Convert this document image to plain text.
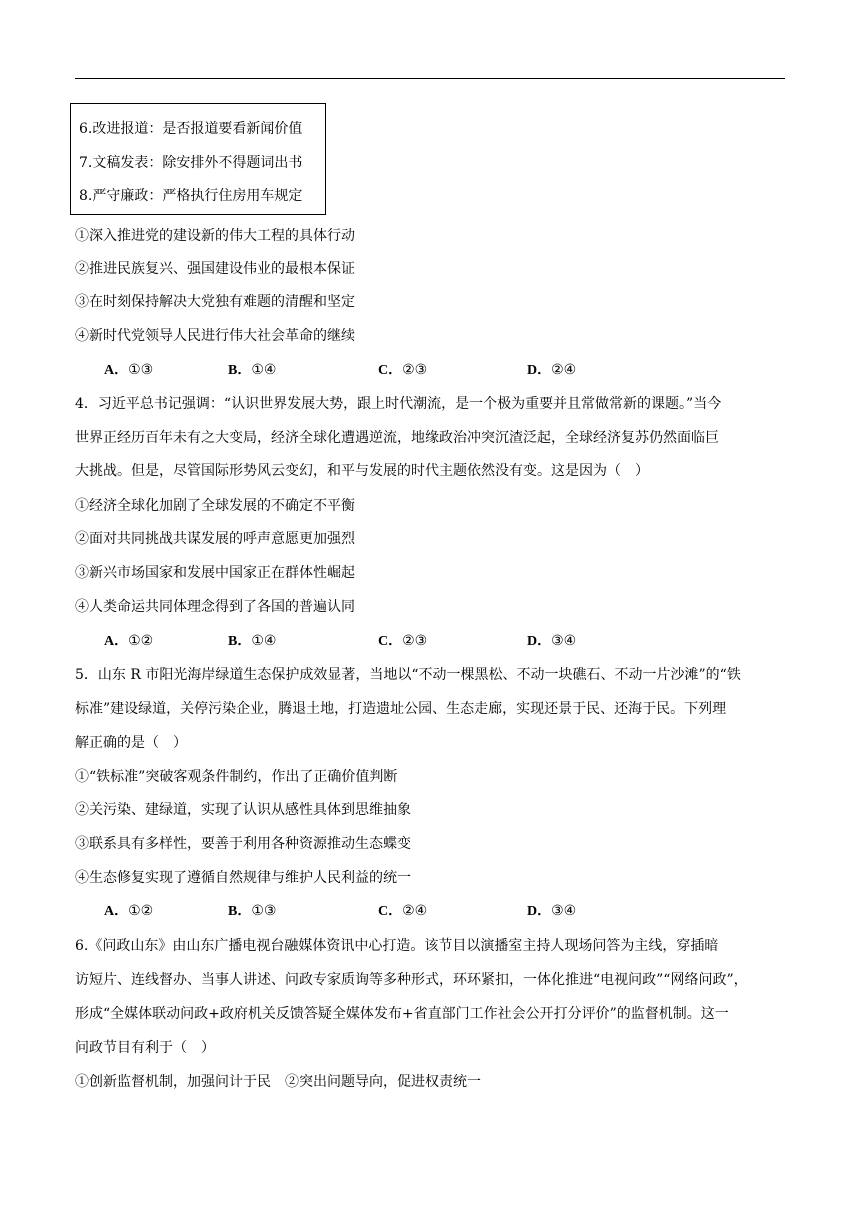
6.改进报道：是否报道要看新闻价值
7.文稿发表：除安排外不得题词出书
8.严守廉政：严格执行住房用车规定
①深入推进党的建设新的伟大工程的具体行动
②推进民族复兴、强国建设伟业的最根本保证
③在时刻保持解决大党独有难题的清醒和坚定
④新时代党领导人民进行伟大社会革命的继续
A．①③	B．①④	C．②③	D．②④
4．习近平总书记强调：“认识世界发展大势，跟上时代潮流，是一个极为重要并且常做常新的课题。”当今
世界正经历百年未有之大变局，经济全球化遭遇逆流，地缘政治冲突沉渣泛起，全球经济复苏仍然面临巨
大挑战。但是，尽管国际形势风云变幻，和平与发展的时代主题依然没有变。这是因为（　）
①经济全球化加剧了全球发展的不确定不平衡
②面对共同挑战共谋发展的呼声意愿更加强烈
③新兴市场国家和发展中国家正在群体性崛起
④人类命运共同体理念得到了各国的普遍认同
A．①②	B．①④	C．②③	D．③④
5．山东 R 市阳光海岸绿道生态保护成效显著，当地以“不动一棵黑松、不动一块礁石、不动一片沙滩”的“铁
标准”建设绿道，关停污染企业，腾退土地，打造遗址公园、生态走廊，实现还景于民、还海于民。下列理
解正确的是（　）
①“铁标准”突破客观条件制约，作出了正确价值判断
②关污染、建绿道，实现了认识从感性具体到思维抽象
③联系具有多样性，要善于利用各种资源推动生态蝶变
④生态修复实现了遵循自然规律与维护人民利益的统一
A．①②	B．①③	C．②④	D．③④
6.《问政山东》由山东广播电视台融媒体资讯中心打造。该节目以演播室主持人现场问答为主线，穿插暗
访短片、连线督办、当事人讲述、问政专家质询等多种形式，环环紧扣，一体化推进“电视问政”“网络问政”，
形成“全媒体联动问政+政府机关反馈答疑全媒体发布+省直部门工作社会公开打分评价”的监督机制。这一
问政节目有利于（　）
①创新监督机制，加强问计于民　②突出问题导向，促进权责统一
